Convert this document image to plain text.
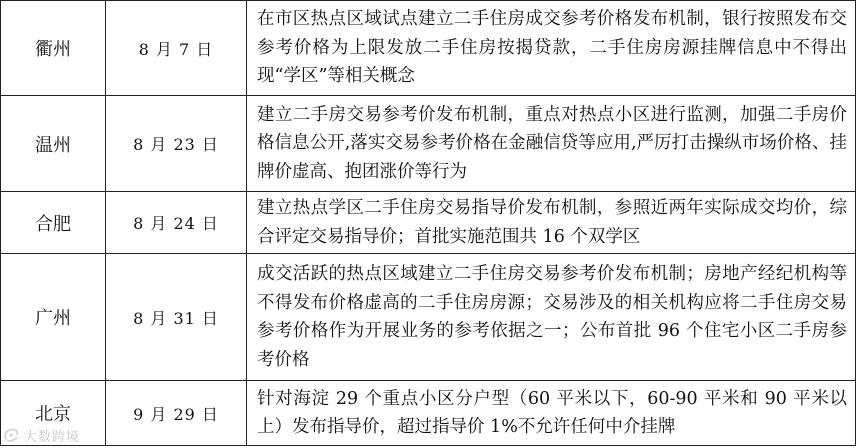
衢州	8 月 7 日	在市区热点区域试点建立二手住房成交参考价格发布机制，银行按照发布交参考价格为上限发放二手住房按揭贷款，二手住房房源挂牌信息中不得出现“学区”等相关概念
温州	8 月 23 日	建立二手房交易参考价发布机制，重点对热点小区进行监测，加强二手房价格信息公开,落实交易参考价格在金融信贷等应用,严厉打击操纵市场价格、挂牌价虚高、抱团涨价等行为
合肥	8 月 24 日	建立热点学区二手住房交易指导价发布机制，参照近两年实际成交均价，综合评定交易指导价；首批实施范围共 16 个双学区
广州	8 月 31 日	成交活跃的热点区域建立二手住房交易参考价发布机制；房地产经纪机构等不得发布价格虚高的二手住房房源；交易涉及的相关机构应将二手住房交易参考价格作为开展业务的参考依据之一；公布首批 96 个住宅小区二手房参考价格
北京	9 月 29 日	针对海淀 29 个重点小区分户型（60 平米以下，60-90 平米和 90 平米以上）发布指导价，超过指导价 1%不允许任何中介挂牌
大数跨境
